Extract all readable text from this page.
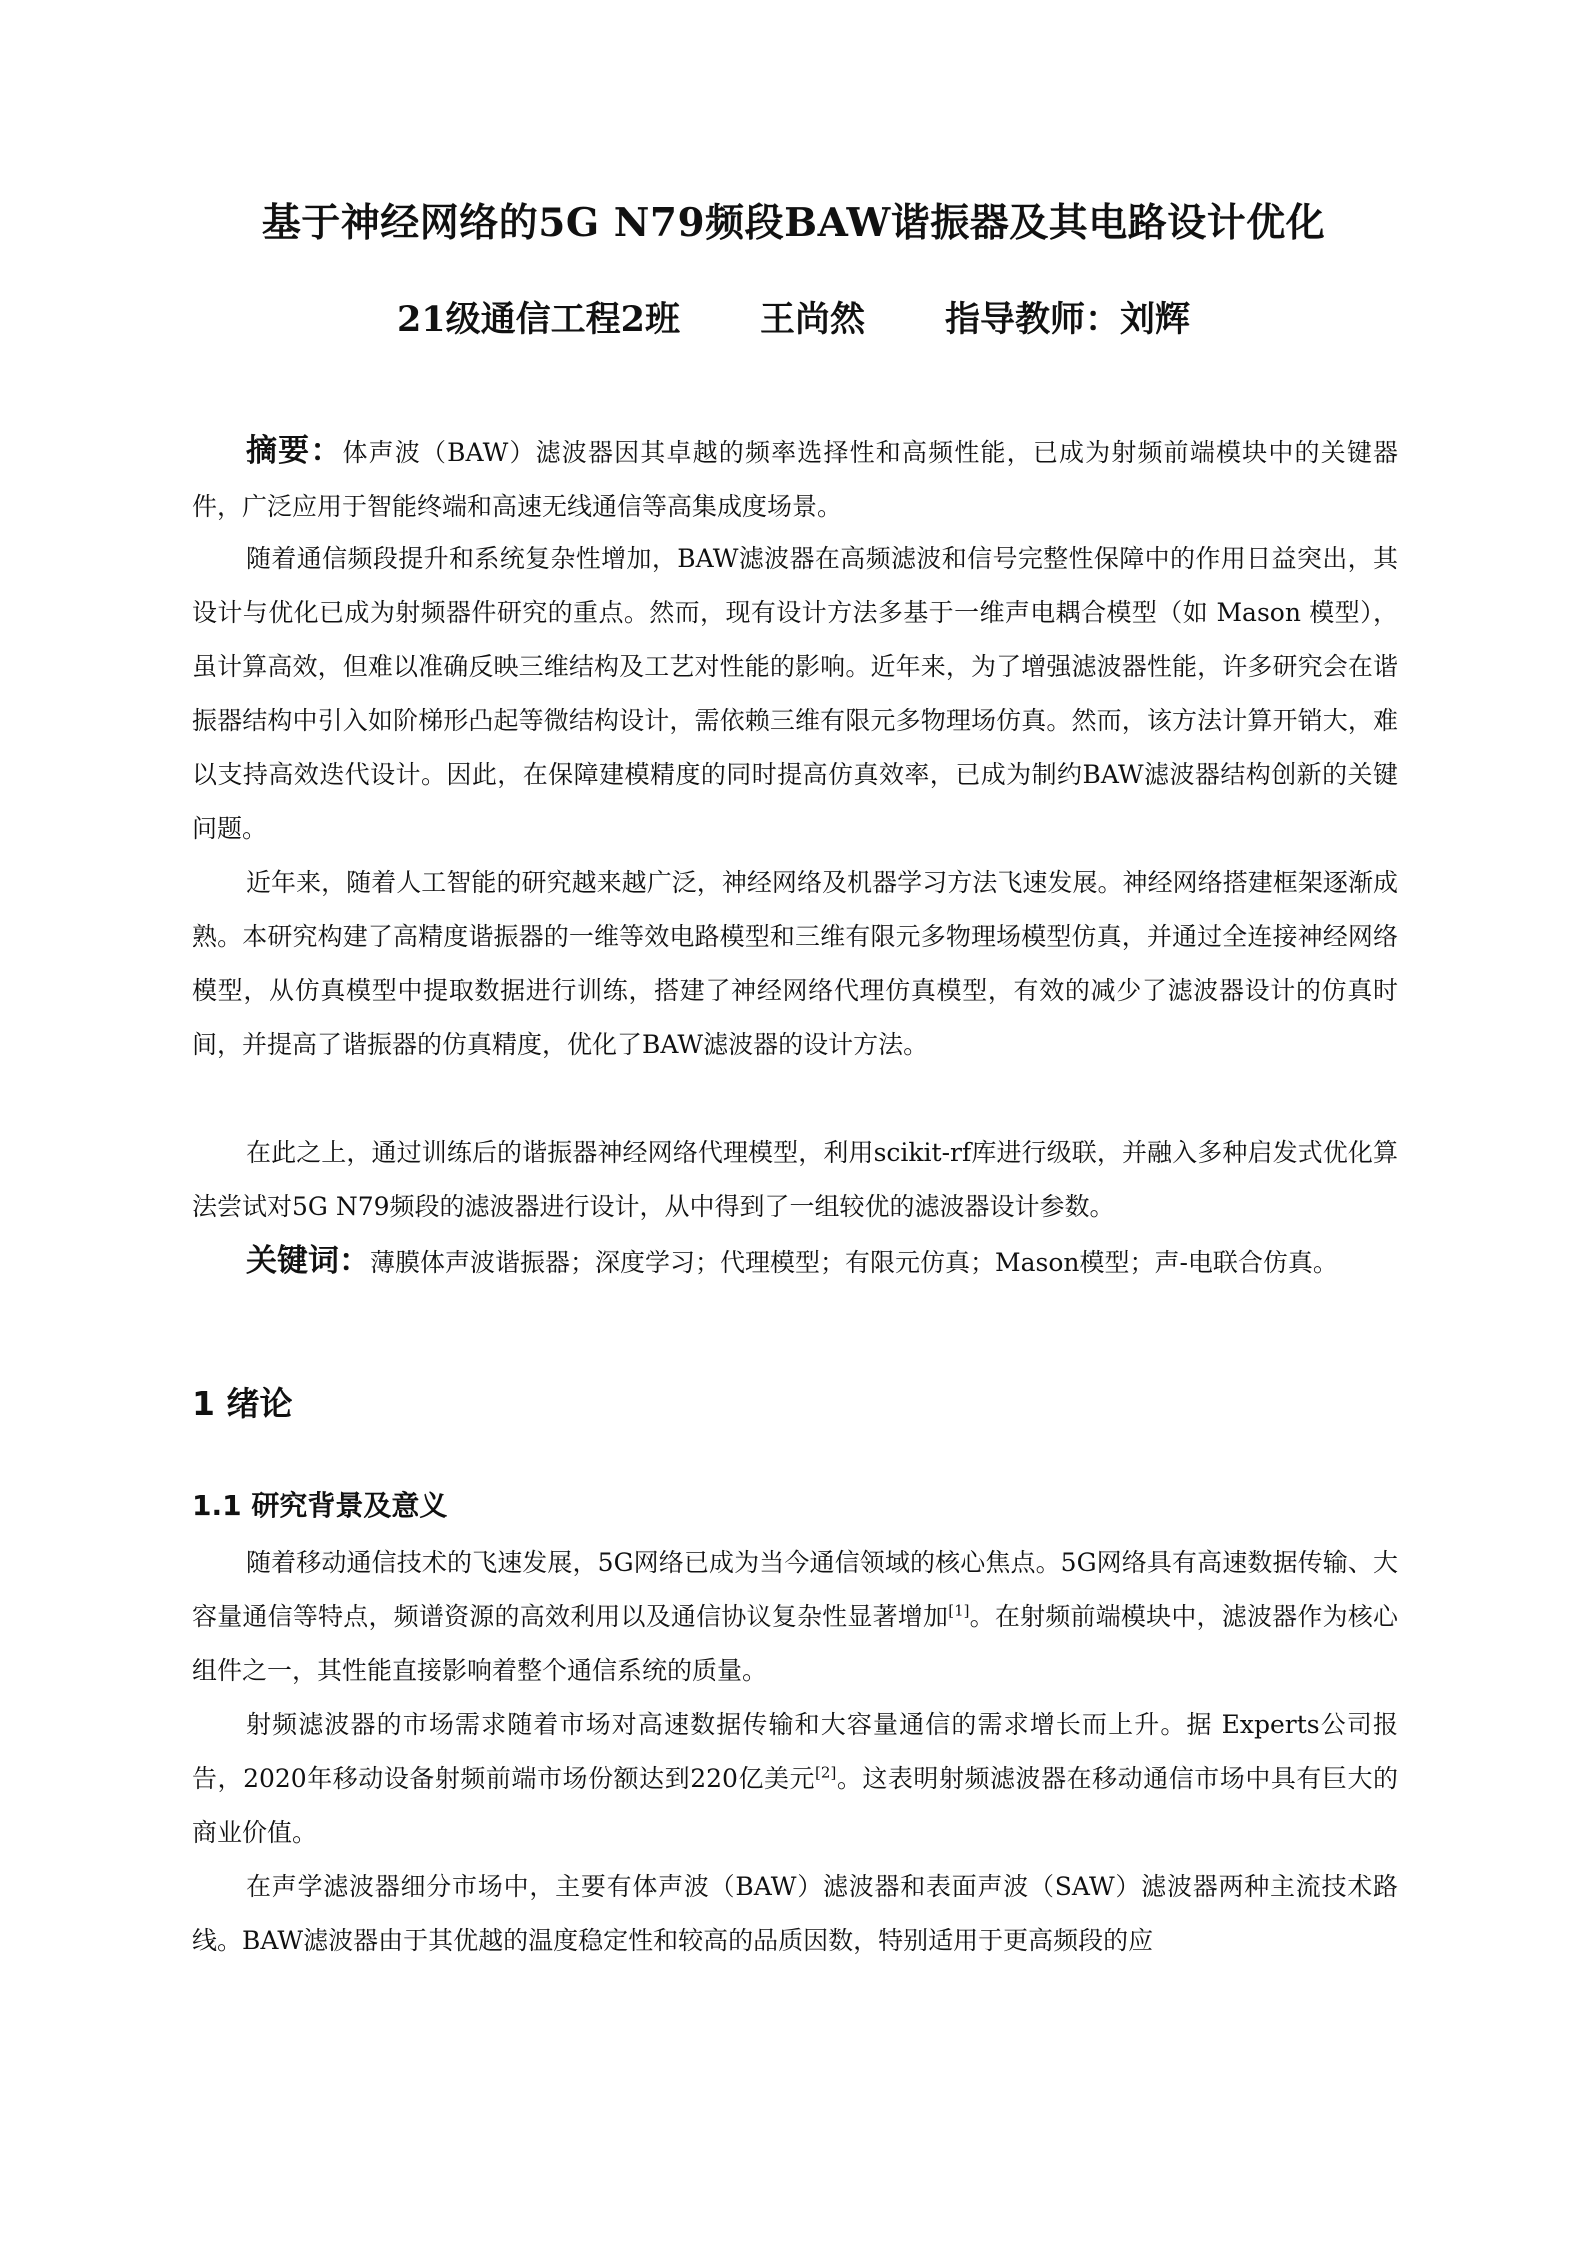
基于神经网络的5G N79频段BAW谐振器及其电路设计优化
21级通信工程2班 王尚然 指导教师：刘辉

摘要：体声波（BAW）滤波器因其卓越的频率选择性和高频性能，已成为射频前端模块中的关键器件，广泛应用于智能终端和高速无线通信等高集成度场景。

随着通信频段提升和系统复杂性增加，BAW滤波器在高频滤波和信号完整性保障中的作用日益突出，其设计与优化已成为射频器件研究的重点。然而，现有设计方法多基于一维声电耦合模型（如 Mason 模型），虽计算高效，但难以准确反映三维结构及工艺对性能的影响。近年来，为了增强滤波器性能，许多研究会在谐振器结构中引入如阶梯形凸起等微结构设计，需依赖三维有限元多物理场仿真。然而，该方法计算开销大，难以支持高效迭代设计。因此，在保障建模精度的同时提高仿真效率，已成为制约BAW滤波器结构创新的关键问题。

近年来，随着人工智能的研究越来越广泛，神经网络及机器学习方法飞速发展。神经网络搭建框架逐渐成熟。本研究构建了高精度谐振器的一维等效电路模型和三维有限元多物理场模型仿真，并通过全连接神经网络模型，从仿真模型中提取数据进行训练，搭建了神经网络代理仿真模型，有效的减少了滤波器设计的仿真时间，并提高了谐振器的仿真精度，优化了BAW滤波器的设计方法。

在此之上，通过训练后的谐振器神经网络代理模型，利用scikit-rf库进行级联，并融入多种启发式优化算法尝试对5G N79频段的滤波器进行设计，从中得到了一组较优的滤波器设计参数。

关键词：薄膜体声波谐振器；深度学习；代理模型；有限元仿真；Mason模型；声-电联合仿真。

1 绪论
1.1 研究背景及意义

随着移动通信技术的飞速发展，5G网络已成为当今通信领域的核心焦点。5G网络具有高速数据传输、大容量通信等特点，频谱资源的高效利用以及通信协议复杂性显著增加[1]。在射频前端模块中，滤波器作为核心组件之一，其性能直接影响着整个通信系统的质量。

射频滤波器的市场需求随着市场对高速数据传输和大容量通信的需求增长而上升。据 Experts公司报告，2020年移动设备射频前端市场份额达到220亿美元[2]。这表明射频滤波器在移动通信市场中具有巨大的商业价值。

在声学滤波器细分市场中，主要有体声波（BAW）滤波器和表面声波（SAW）滤波器两种主流技术路线。BAW滤波器由于其优越的温度稳定性和较高的品质因数，特别适用于更高频段的应
